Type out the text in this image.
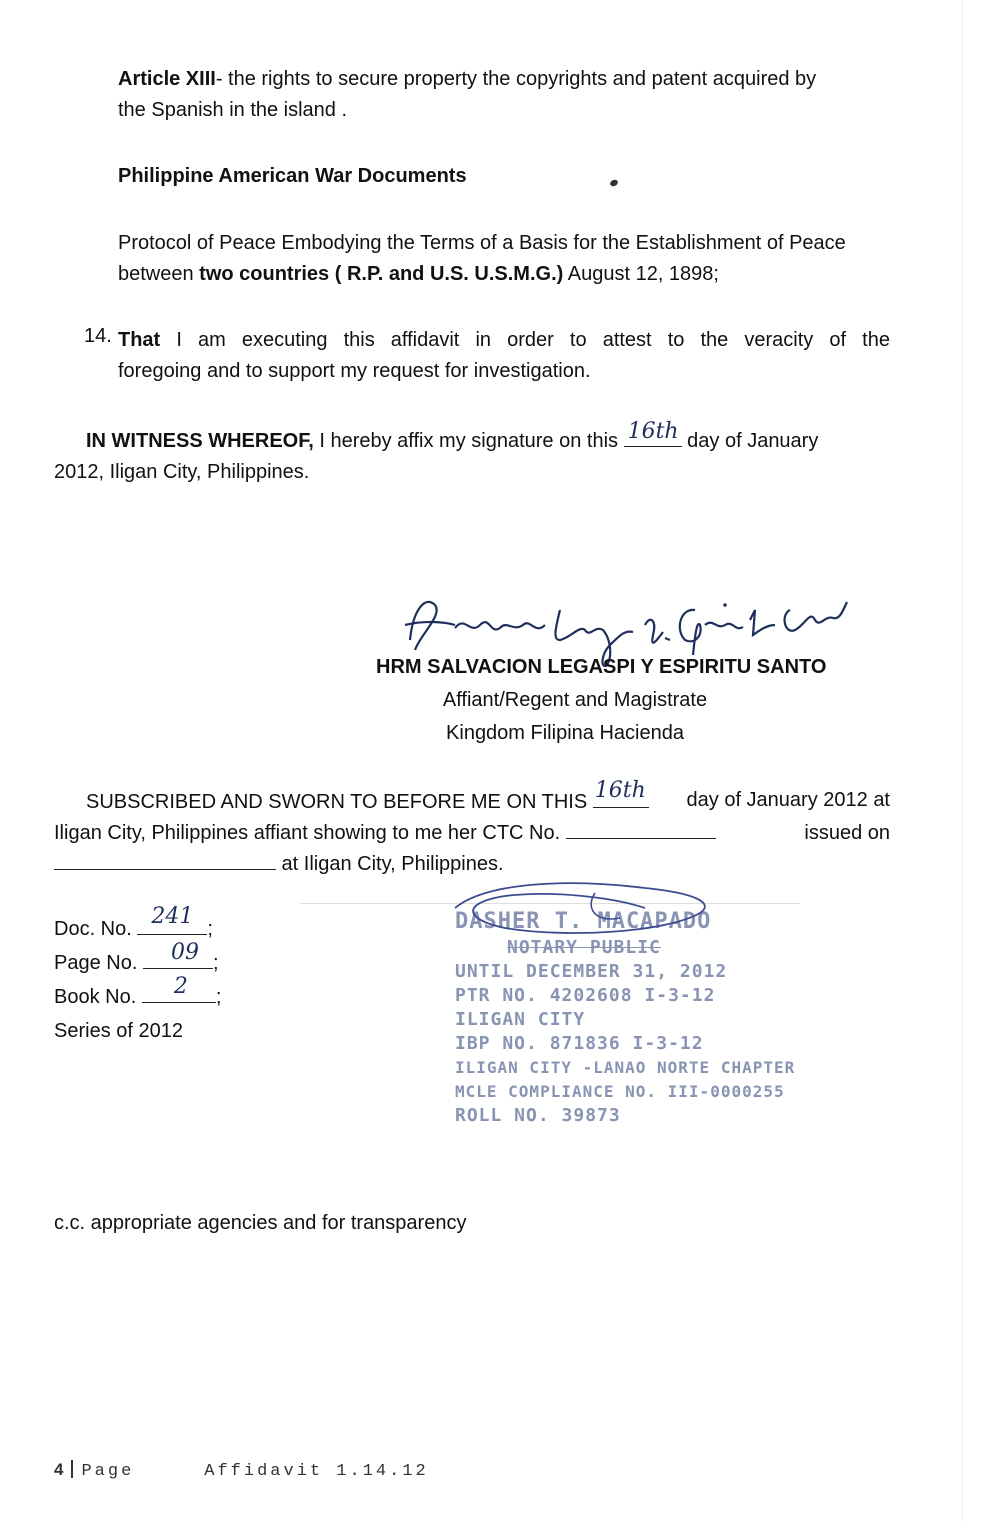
Article XIII- the rights to secure property the copyrights and patent acquired by
the Spanish in the island .
Philippine American War Documents
Protocol of Peace Embodying the Terms of a Basis for the Establishment of Peace
between two countries ( R.P. and U.S. U.S.M.G.) August 12, 1898;
14. That I am executing this affidavit in order to attest to the veracity of the
foregoing and to support my request for investigation.
IN WITNESS WHEREOF, I hereby affix my signature on this 16th day of January
2012, Iligan City, Philippines.
HRM SALVACION LEGASPI Y ESPIRITU SANTO
Affiant/Regent and Magistrate
Kingdom Filipina Hacienda
SUBSCRIBED AND SWORN TO BEFORE ME ON THIS 16th day of January 2012 at
Iligan City, Philippines affiant showing to me her CTC No.	issued on
at Iligan City, Philippines.
Doc. No. 241 ;
Page No. 09 ;
Book No. 2 ;
Series of 2012
DASHER T. MACAPADO
NOTARY PUBLIC
UNTIL DECEMBER 31, 2012
PTR NO. 4202608 I-3-12
ILIGAN CITY
IBP NO. 871836 I-3-12
ILIGAN CITY -LANAO NORTE CHAPTER
MCLE COMPLIANCE NO. III-0000255
ROLL NO. 39873
c.c. appropriate agencies and for transparency
4 Page	Affidavit 1.14.12
